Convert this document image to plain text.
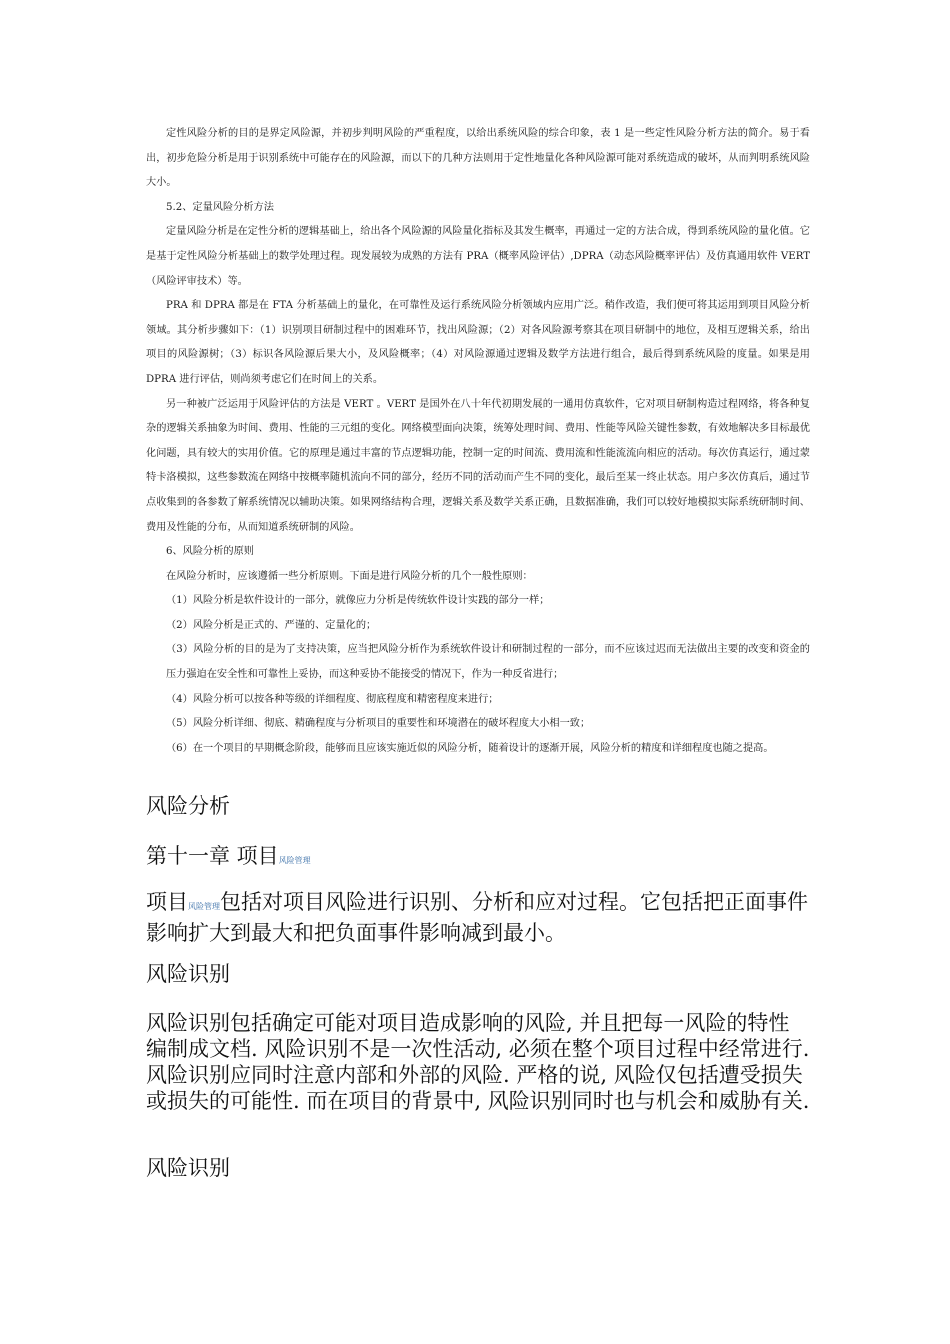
定性风险分析的目的是界定风险源，并初步判明风险的严重程度，以给出系统风险的综合印象，表 1 是一些定性风险分析方法的简介。易于看出，初步危险分析是用于识别系统中可能存在的风险源，而以下的几种方法则用于定性地量化各种风险源可能对系统造成的破坏，从而判明系统风险大小。

5.2、定量风险分析方法

定量风险分析是在定性分析的逻辑基础上，给出各个风险源的风险量化指标及其发生概率，再通过一定的方法合成，得到系统风险的量化值。它是基于定性风险分析基础上的数学处理过程。现发展较为成熟的方法有 PRA（概率风险评估）,DPRA（动态风险概率评估）及仿真通用软件 VERT（风险评审技术）等。

PRA 和 DPRA 都是在 FTA 分析基础上的量化，在可靠性及运行系统风险分析领域内应用广泛。稍作改造，我们便可将其运用到项目风险分析领域。其分析步骤如下：（1）识别项目研制过程中的困难环节，找出风险源；（2）对各风险源考察其在项目研制中的地位，及相互逻辑关系，给出项目的风险源树；（3）标识各风险源后果大小，及风险概率；（4）对风险源通过逻辑及数学方法进行组合，最后得到系统风险的度量。如果是用 DPRA 进行评估，则尚须考虑它们在时间上的关系。

另一种被广泛运用于风险评估的方法是 VERT 。VERT 是国外在八十年代初期发展的一通用仿真软件，它对项目研制构造过程网络，将各种复杂的逻辑关系抽象为时间、费用、性能的三元组的变化。网络模型面向决策，统筹处理时间、费用、性能等风险关键性参数，有效地解决多目标最优化问题，具有较大的实用价值。它的原理是通过丰富的节点逻辑功能，控制一定的时间流、费用流和性能流流向相应的活动。每次仿真运行，通过蒙特卡洛模拟，这些参数流在网络中按概率随机流向不同的部分，经历不同的活动而产生不同的变化，最后至某一终止状态。用户多次仿真后，通过节点收集到的各参数了解系统情况以辅助决策。如果网络结构合理，逻辑关系及数学关系正确，且数据准确，我们可以较好地模拟实际系统研制时间、费用及性能的分布，从而知道系统研制的风险。

6、风险分析的原则

在风险分析时，应该遵循一些分析原则。下面是进行风险分析的几个一般性原则：

（1）风险分析是软件设计的一部分，就像应力分析是传统软件设计实践的部分一样；

（2）风险分析是正式的、严谨的、定量化的；

（3）风险分析的目的是为了支持决策，应当把风险分析作为系统软件设计和研制过程的一部分，而不应该过迟而无法做出主要的改变和资金的压力强迫在安全性和可靠性上妥协，而这种妥协不能接受的情况下，作为一种反省进行；

（4）风险分析可以按各种等级的详细程度、彻底程度和精密程度来进行；

（5）风险分析详细、彻底、精确程度与分析项目的重要性和环境潜在的破坏程度大小相一致；

（6）在一个项目的早期概念阶段，能够而且应该实施近似的风险分析，随着设计的逐渐开展，风险分析的精度和详细程度也随之提高。

风险分析

第十一章 项目风险管理

项目风险管理包括对项目风险进行识别、分析和应对过程。它包括把正面事件影响扩大到最大和把负面事件影响减到最小。

风险识别

风险识别包括确定可能对项目造成影响的风险, 并且把每一风险的特性编制成文档. 风险识别不是一次性活动, 必须在整个项目过程中经常进行. 风险识别应同时注意内部和外部的风险. 严格的说, 风险仅包括遭受损失或损失的可能性. 而在项目的背景中, 风险识别同时也与机会和威胁有关.

风险识别
